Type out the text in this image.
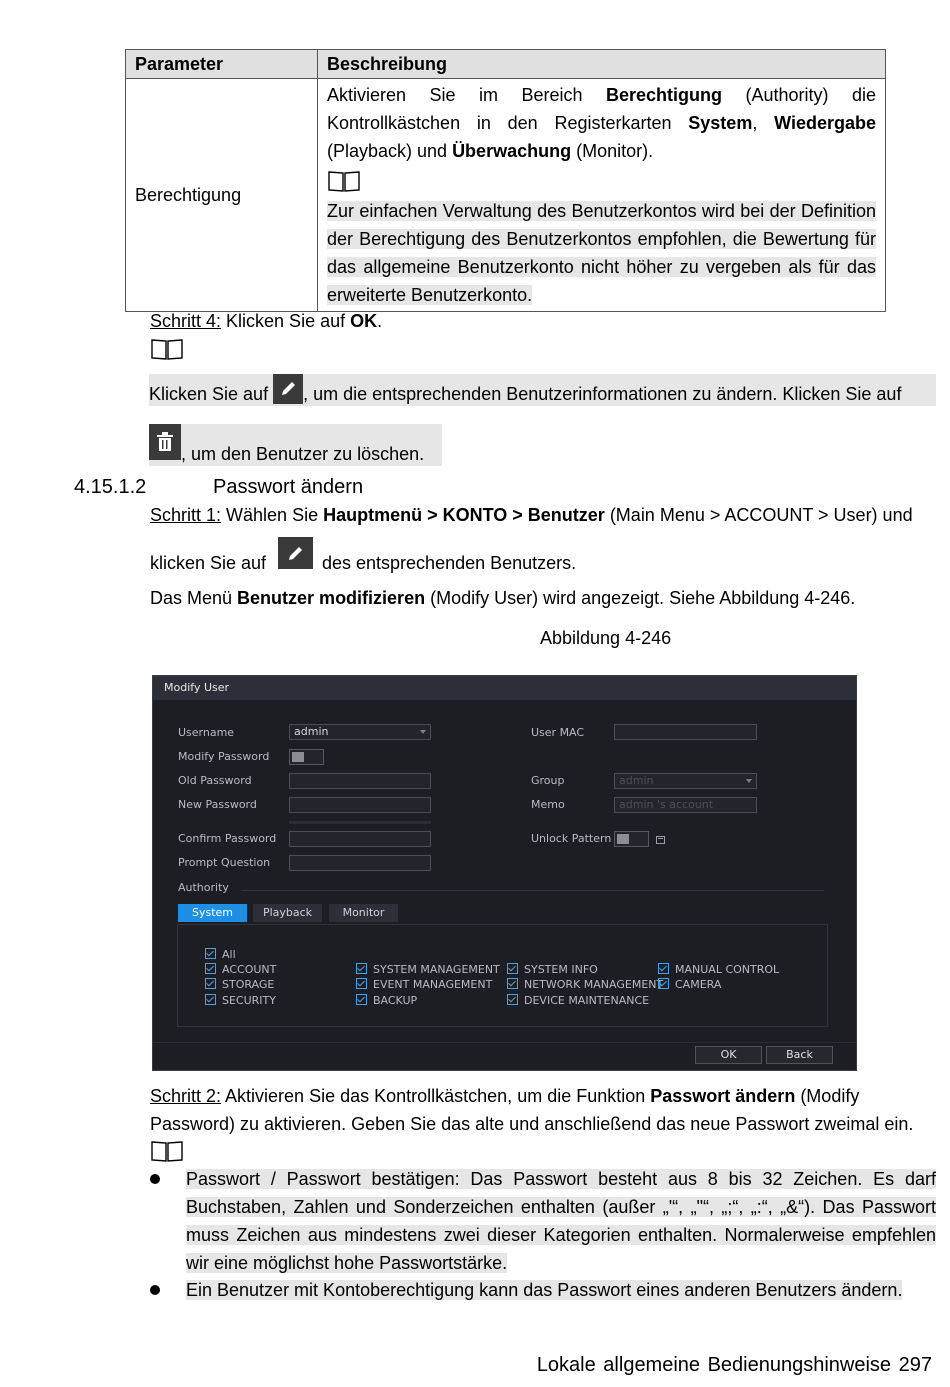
Parameter	Beschreibung
Berechtigung	Aktivieren Sie im Bereich Berechtigung (Authority) die
Kontrollkästchen in den Registerkarten System, Wiedergabe
(Playback) und Überwachung (Monitor).
Zur einfachen Verwaltung des Benutzerkontos wird bei der Definition der Berechtigung des Benutzerkontos empfohlen, die Bewertung für das allgemeine Benutzerkonto nicht höher zu vergeben als für das erweiterte Benutzerkonto.
Schritt 4: Klicken Sie auf OK.
Klicken Sie auf , um die entsprechenden Benutzerinformationen zu ändern. Klicken Sie auf
, um den Benutzer zu löschen.
4.15.1.2	Passwort ändern
Schritt 1: Wählen Sie Hauptmenü > KONTO > Benutzer (Main Menu > ACCOUNT > User) und
klicken Sie auf	des entsprechenden Benutzers.
Das Menü Benutzer modifizieren (Modify User) wird angezeigt. Siehe Abbildung 4-246.
Abbildung 4-246
Modify User
Username	admin
Modify Password
Old Password
New Password
Confirm Password
Prompt Question
User MAC
Group	admin
Memo	admin 's account
Unlock Pattern
Authority
System	Playback	Monitor
All
ACCOUNT
STORAGE
SECURITY
SYSTEM MANAGEMENT
EVENT MANAGEMENT
BACKUP
SYSTEM INFO
NETWORK MANAGEMENT
DEVICE MAINTENANCE
MANUAL CONTROL
CAMERA
OK	Back
Schritt 2: Aktivieren Sie das Kontrollkästchen, um die Funktion Passwort ändern (Modify
Password) zu aktivieren. Geben Sie das alte und anschließend das neue Passwort zweimal ein.
Passwort / Passwort bestätigen: Das Passwort besteht aus 8 bis 32 Zeichen. Es darf Buchstaben, Zahlen und Sonderzeichen enthalten (außer „'“, „"“, „;“, „:“, „&“). Das Passwort muss Zeichen aus mindestens zwei dieser Kategorien enthalten. Normalerweise empfehlen wir eine möglichst hohe Passwortstärke.
Ein Benutzer mit Kontoberechtigung kann das Passwort eines anderen Benutzers ändern.
Lokale allgemeine Bedienungshinweise 297
